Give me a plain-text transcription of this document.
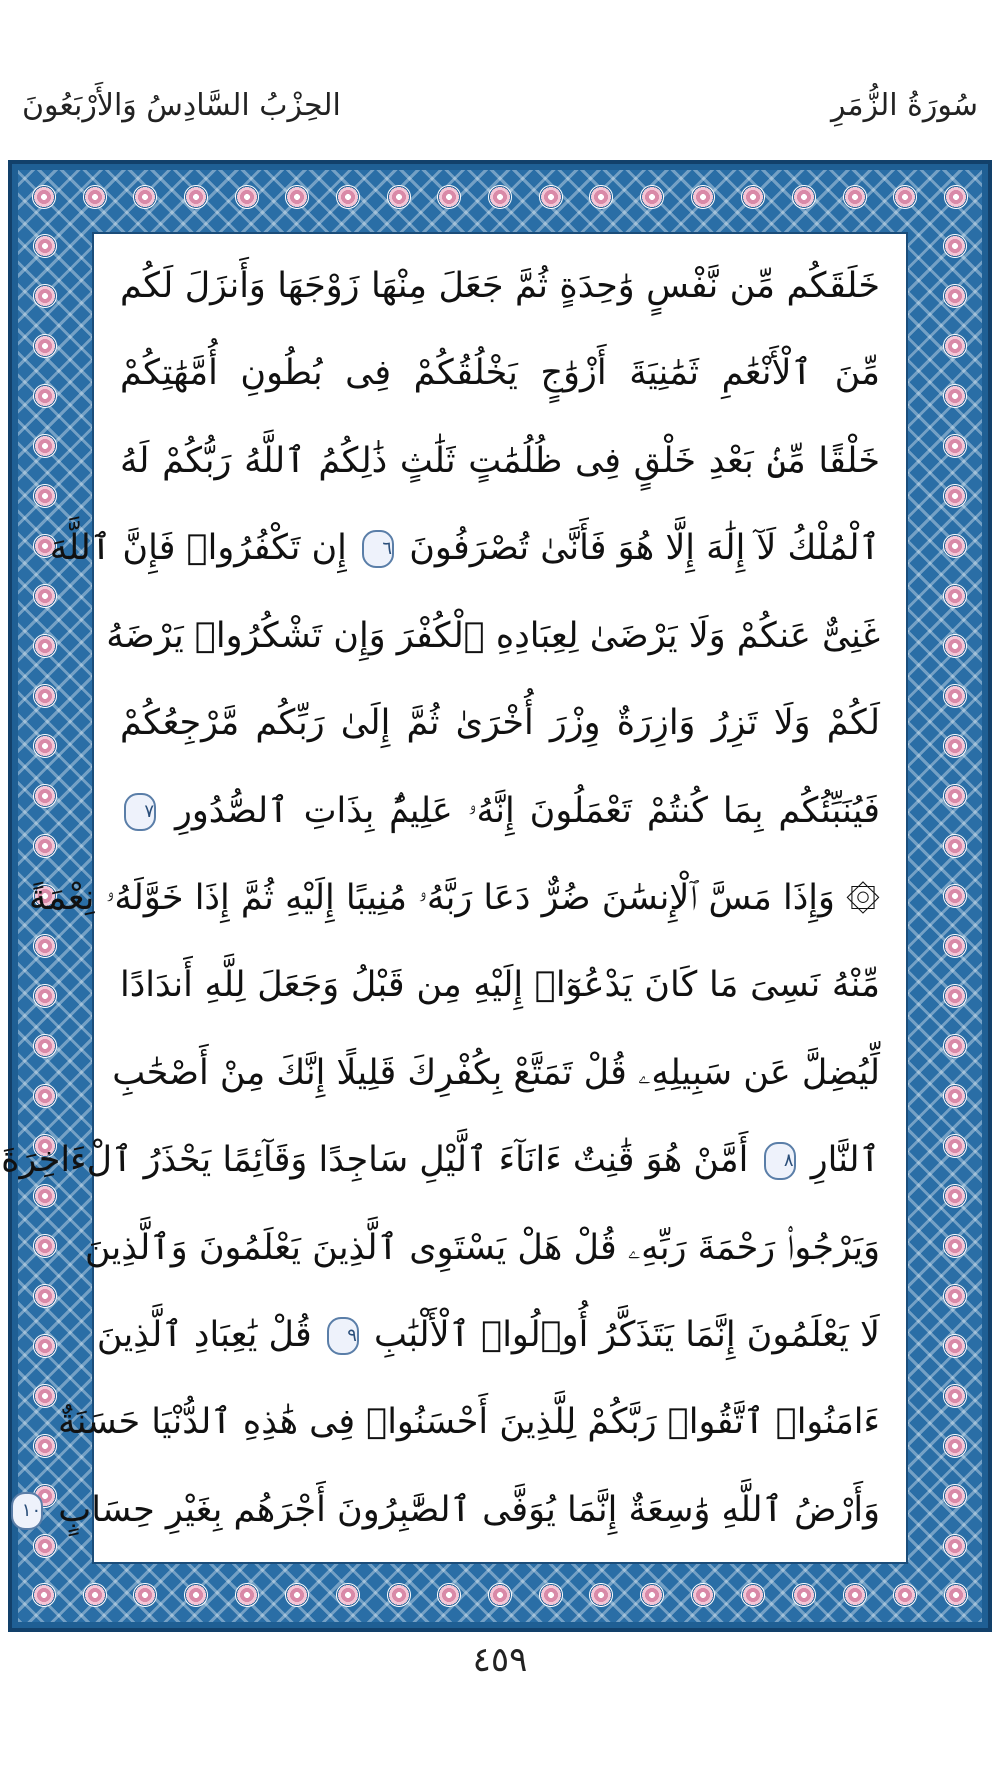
سُورَةُ الزُّمَرِ
الحِزْبُ السَّادِسُ وَالأَرْبَعُونَ
خَلَقَكُم مِّن نَّفْسٍ وَٰحِدَةٍ ثُمَّ جَعَلَ مِنْهَا زَوْجَهَا وَأَنزَلَ لَكُم
مِّنَ ٱلْأَنْعَٰمِ ثَمَٰنِيَةَ أَزْوَٰجٍ يَخْلُقُكُمْ فِى بُطُونِ أُمَّهَٰتِكُمْ
خَلْقًا مِّنۢ بَعْدِ خَلْقٍ فِى ظُلُمَٰتٍ ثَلَٰثٍ ذَٰلِكُمُ ٱللَّهُ رَبُّكُمْ لَهُ
ٱلْمُلْكُ لَآ إِلَٰهَ إِلَّا هُوَ فَأَنَّىٰ تُصْرَفُونَ ٦ إِن تَكْفُرُوا۟ فَإِنَّ ٱللَّهَ
غَنِىٌّ عَنكُمْ وَلَا يَرْضَىٰ لِعِبَادِهِ ٱلْكُفْرَ وَإِن تَشْكُرُوا۟ يَرْضَهُ
لَكُمْ وَلَا تَزِرُ وَازِرَةٌ وِزْرَ أُخْرَىٰ ثُمَّ إِلَىٰ رَبِّكُم مَّرْجِعُكُمْ
فَيُنَبِّئُكُم بِمَا كُنتُمْ تَعْمَلُونَ إِنَّهُۥ عَلِيمٌۢ بِذَاتِ ٱلصُّدُورِ ٧
۞ وَإِذَا مَسَّ ٱلْإِنسَٰنَ ضُرٌّ دَعَا رَبَّهُۥ مُنِيبًا إِلَيْهِ ثُمَّ إِذَا خَوَّلَهُۥ نِعْمَةً
مِّنْهُ نَسِىَ مَا كَانَ يَدْعُوٓا۟ إِلَيْهِ مِن قَبْلُ وَجَعَلَ لِلَّهِ أَندَادًا
لِّيُضِلَّ عَن سَبِيلِهِۦ قُلْ تَمَتَّعْ بِكُفْرِكَ قَلِيلًا إِنَّكَ مِنْ أَصْحَٰبِ
ٱلنَّارِ ٨ أَمَّنْ هُوَ قَٰنِتٌ ءَانَآءَ ٱلَّيْلِ سَاجِدًا وَقَآئِمًا يَحْذَرُ ٱلْءَاخِرَةَ
وَيَرْجُوا۟ رَحْمَةَ رَبِّهِۦ قُلْ هَلْ يَسْتَوِى ٱلَّذِينَ يَعْلَمُونَ وَٱلَّذِينَ
لَا يَعْلَمُونَ إِنَّمَا يَتَذَكَّرُ أُو۟لُوا۟ ٱلْأَلْبَٰبِ ٩ قُلْ يَٰعِبَادِ ٱلَّذِينَ
ءَامَنُوا۟ ٱتَّقُوا۟ رَبَّكُمْ لِلَّذِينَ أَحْسَنُوا۟ فِى هَٰذِهِ ٱلدُّنْيَا حَسَنَةٌ
وَأَرْضُ ٱللَّهِ وَٰسِعَةٌ إِنَّمَا يُوَفَّى ٱلصَّٰبِرُونَ أَجْرَهُم بِغَيْرِ حِسَابٍ ١٠
٤٥٩
